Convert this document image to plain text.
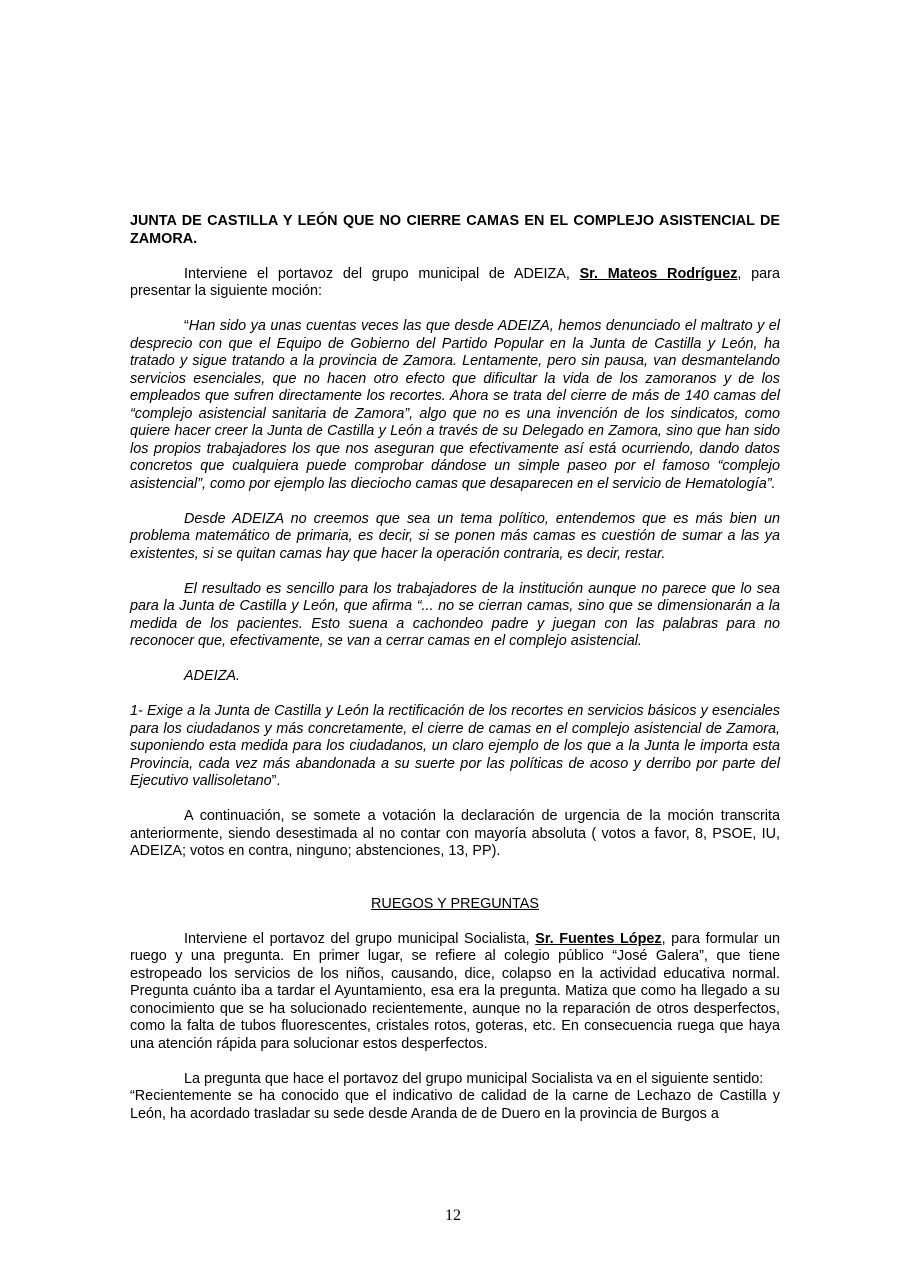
JUNTA DE CASTILLA Y LEÓN QUE NO CIERRE CAMAS EN EL COMPLEJO ASISTENCIAL DE ZAMORA.

Interviene el portavoz del grupo municipal de ADEIZA, Sr. Mateos Rodríguez, para presentar la siguiente moción:

“Han sido ya unas cuentas veces las que desde ADEIZA, hemos denunciado el maltrato y el desprecio con que el Equipo de Gobierno del Partido Popular en la Junta de Castilla y León, ha tratado y sigue tratando a la provincia de Zamora. Lentamente, pero sin pausa, van desmantelando servicios esenciales, que no hacen otro efecto que dificultar la vida de los zamoranos y de los empleados que sufren directamente los recortes. Ahora se trata del cierre de más de 140 camas del “complejo asistencial sanitaria de Zamora”, algo que no es una invención de los sindicatos, como quiere hacer creer la Junta de Castilla y León a través de su Delegado en Zamora, sino que han sido los propios trabajadores los que nos aseguran que efectivamente así está ocurriendo, dando datos concretos que cualquiera puede comprobar dándose un simple paseo por el famoso “complejo asistencial”, como por ejemplo las dieciocho camas que desaparecen en el servicio de Hematología”.

Desde ADEIZA no creemos que sea un tema político, entendemos que es más bien un problema matemático de primaria, es decir, si se ponen más camas es cuestión de sumar a las ya existentes, si se quitan camas hay que hacer la operación contraria, es decir, restar.

El resultado es sencillo para los trabajadores de la institución aunque no parece que lo sea para la Junta de Castilla y León, que afirma “... no se cierran camas, sino que se dimensionarán a la medida de los pacientes. Esto suena a cachondeo padre y juegan con las palabras para no reconocer que, efectivamente, se van a cerrar camas en el complejo asistencial.

ADEIZA.

1- Exige a la Junta de Castilla y León la rectificación de los recortes en servicios básicos y esenciales para los ciudadanos y más concretamente, el cierre de camas en el complejo asistencial de Zamora, suponiendo esta medida para los ciudadanos, un claro ejemplo de los que a la Junta le importa esta Provincia, cada vez más abandonada a su suerte por las políticas de acoso y derribo por parte del Ejecutivo vallisoletano”.

A continuación, se somete a votación la declaración de urgencia de la moción transcrita anteriormente, siendo desestimada al no contar con mayoría absoluta ( votos a favor, 8, PSOE, IU, ADEIZA; votos en contra, ninguno; abstenciones, 13, PP).

RUEGOS Y PREGUNTAS

Interviene el portavoz del grupo municipal Socialista, Sr. Fuentes López, para formular un ruego y una pregunta. En primer lugar, se refiere al colegio público “José Galera”, que tiene estropeado los servicios de los niños, causando, dice, colapso en la actividad educativa normal. Pregunta cuánto iba a tardar el Ayuntamiento, esa era la pregunta. Matiza que como ha llegado a su conocimiento que se ha solucionado recientemente, aunque no la reparación de otros desperfectos, como la falta de tubos fluorescentes, cristales rotos, goteras, etc. En consecuencia ruega que haya una atención rápida para solucionar estos desperfectos.

La pregunta que hace el portavoz del grupo municipal Socialista va en el siguiente sentido:

“Recientemente se ha conocido que el indicativo de calidad de la carne de Lechazo de Castilla y León, ha acordado trasladar su sede desde Aranda de de Duero en la provincia de Burgos a

12
